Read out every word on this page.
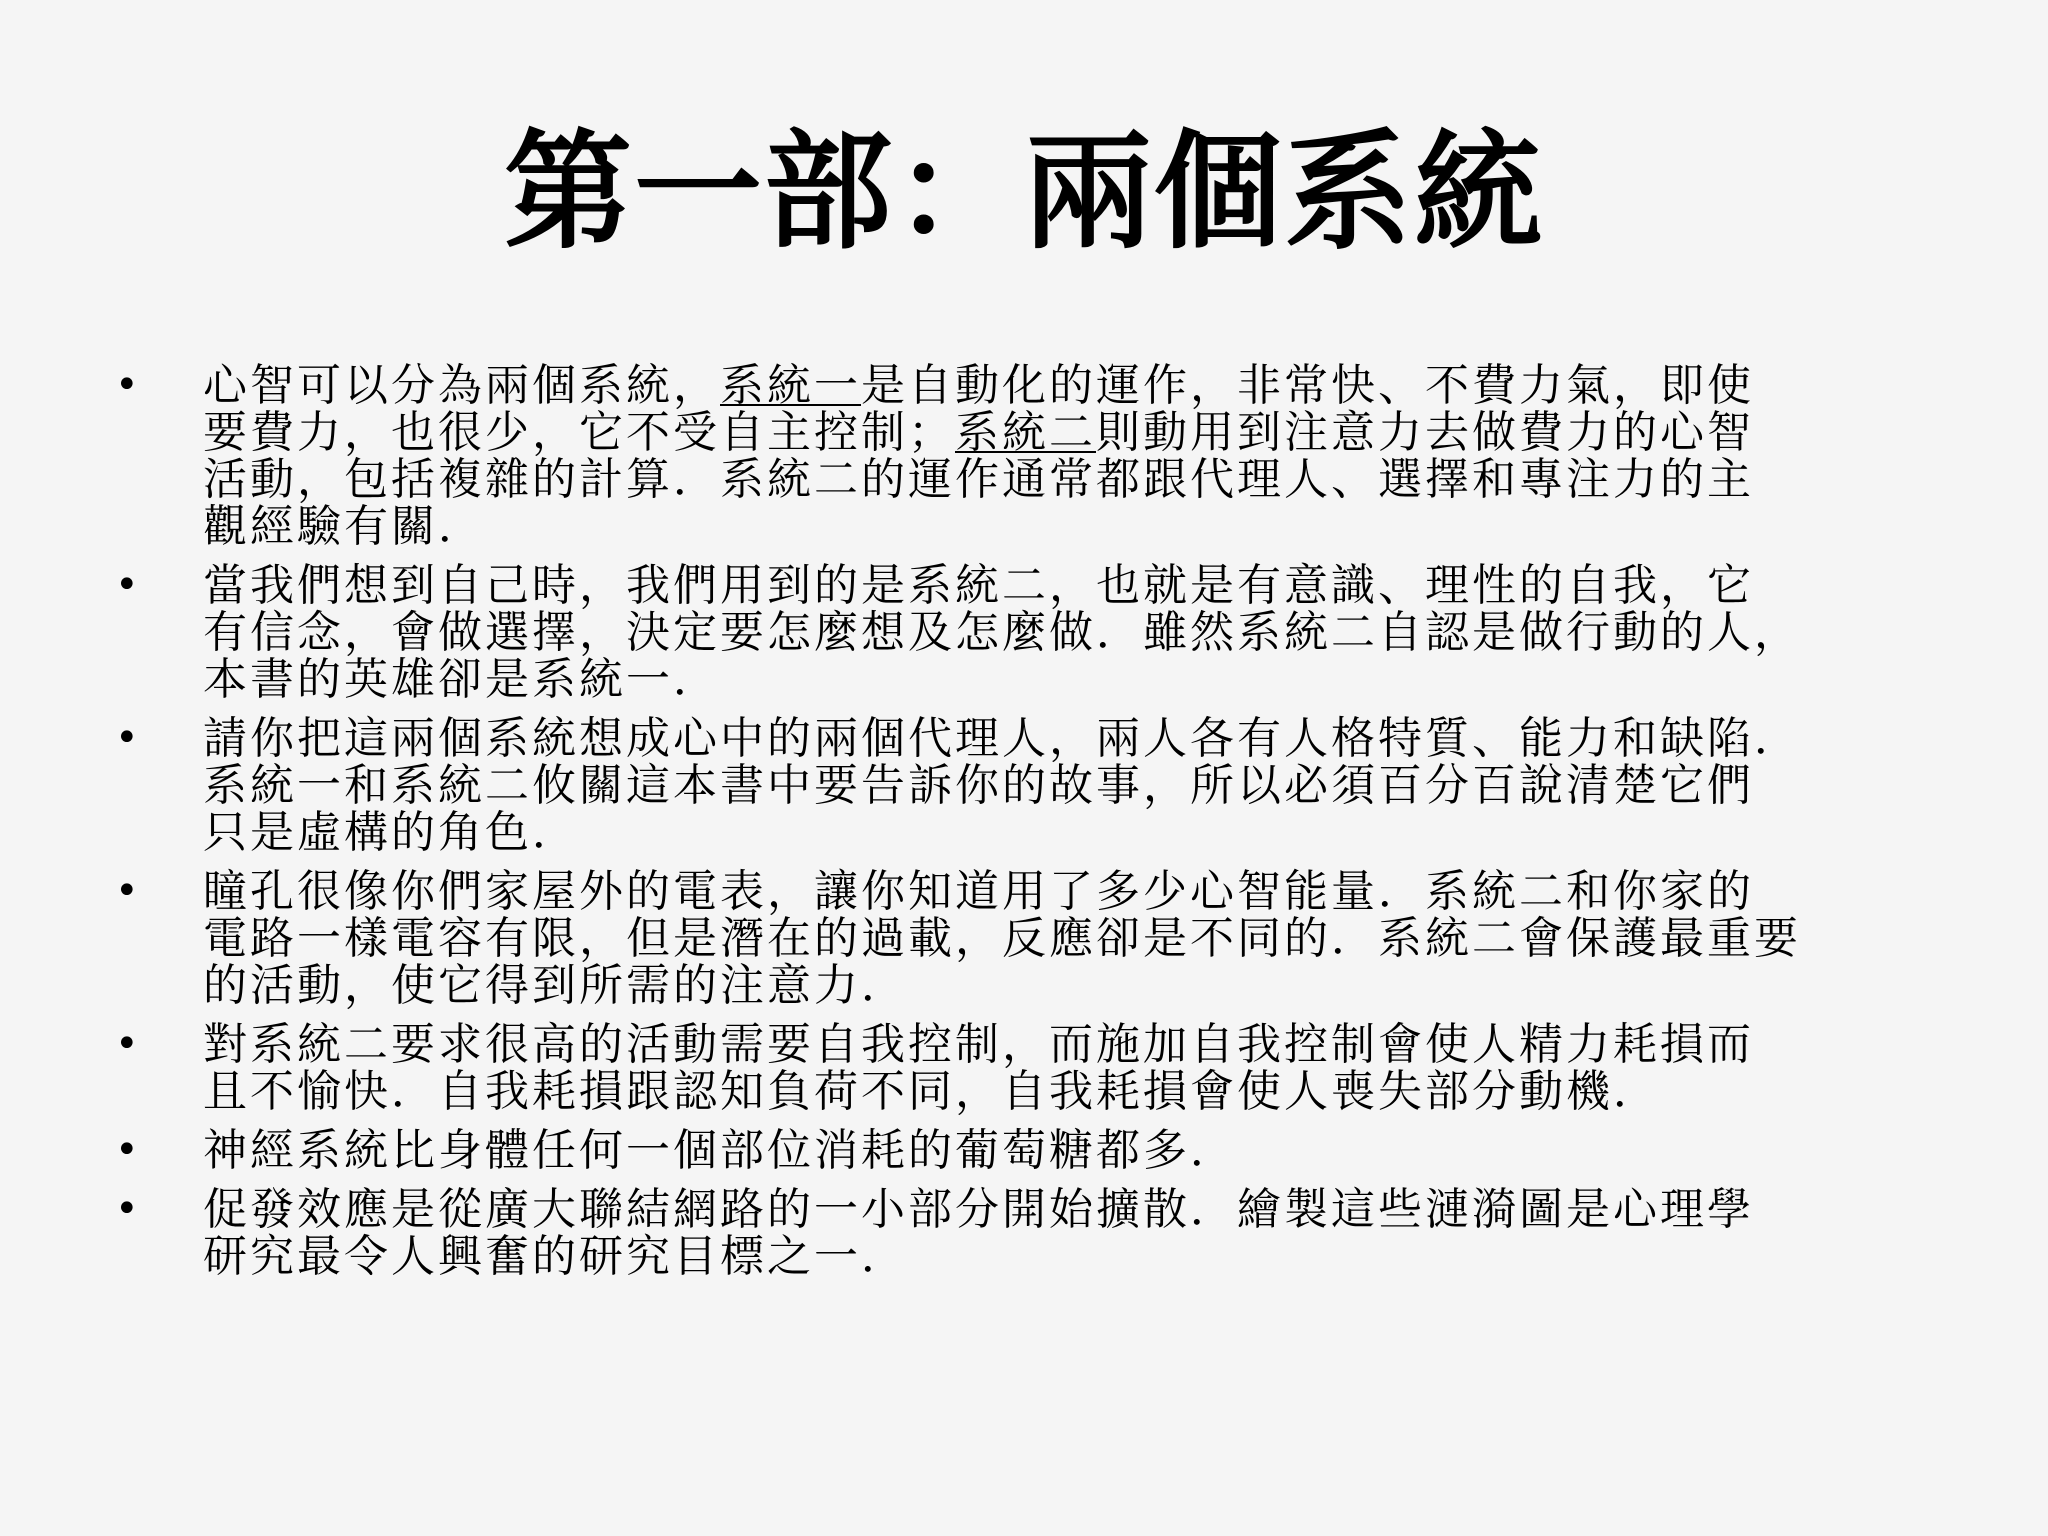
第一部：兩個系統
•	心智可以分為兩個系統，系統一是自動化的運作，非常快、不費力氣，即使
要費力，也很少，它不受自主控制；系統二則動用到注意力去做費力的心智
活動，包括複雜的計算．系統二的運作通常都跟代理人、選擇和專注力的主
觀經驗有關．
•	當我們想到自己時，我們用到的是系統二，也就是有意識、理性的自我，它
有信念，會做選擇，決定要怎麼想及怎麼做．雖然系統二自認是做行動的人，
本書的英雄卻是系統一．
•	請你把這兩個系統想成心中的兩個代理人，兩人各有人格特質、能力和缺陷．
系統一和系統二攸關這本書中要告訴你的故事，所以必須百分百說清楚它們
只是虛構的角色．
•	瞳孔很像你們家屋外的電表，讓你知道用了多少心智能量．系統二和你家的
電路一樣電容有限，但是潛在的過載，反應卻是不同的．系統二會保護最重要
的活動，使它得到所需的注意力．
•	對系統二要求很高的活動需要自我控制，而施加自我控制會使人精力耗損而
且不愉快．自我耗損跟認知負荷不同，自我耗損會使人喪失部分動機．
•	神經系統比身體任何一個部位消耗的葡萄糖都多．
•	促發效應是從廣大聯結網路的一小部分開始擴散．繪製這些漣漪圖是心理學
研究最令人興奮的研究目標之一．
